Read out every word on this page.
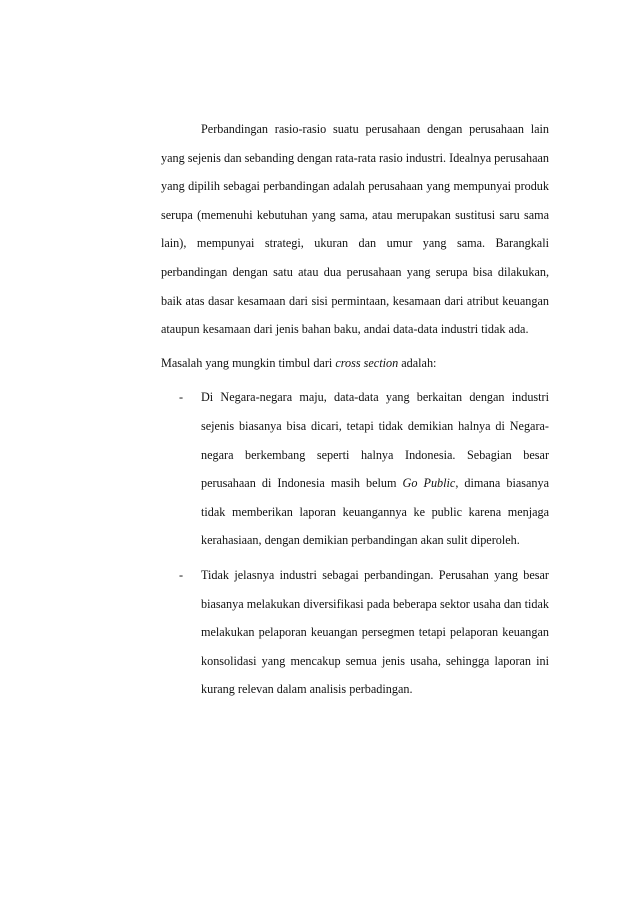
Perbandingan rasio-rasio suatu perusahaan dengan perusahaan lain yang sejenis dan sebanding dengan rata-rata rasio industri. Idealnya perusahaan yang dipilih sebagai perbandingan adalah perusahaan yang mempunyai produk serupa (memenuhi kebutuhan yang sama, atau merupakan sustitusi saru sama lain), mempunyai strategi, ukuran dan umur yang sama. Barangkali perbandingan dengan satu atau dua perusahaan yang serupa bisa dilakukan, baik atas dasar kesamaan dari sisi permintaan, kesamaan dari atribut keuangan ataupun kesamaan dari jenis bahan baku, andai data-data industri tidak ada.

Masalah yang mungkin timbul dari cross section adalah:

-	Di Negara-negara maju, data-data yang berkaitan dengan industri sejenis biasanya bisa dicari, tetapi tidak demikian halnya di Negara-negara berkembang seperti halnya Indonesia. Sebagian besar perusahaan di Indonesia masih belum Go Public, dimana biasanya tidak memberikan laporan keuangannya ke public karena menjaga kerahasiaan, dengan demikian perbandingan akan sulit diperoleh.
-	Tidak jelasnya industri sebagai perbandingan. Perusahan yang besar biasanya melakukan diversifikasi pada beberapa sektor usaha dan tidak melakukan pelaporan keuangan persegmen tetapi pelaporan keuangan konsolidasi yang mencakup semua jenis usaha, sehingga laporan ini kurang relevan dalam analisis perbadingan.
